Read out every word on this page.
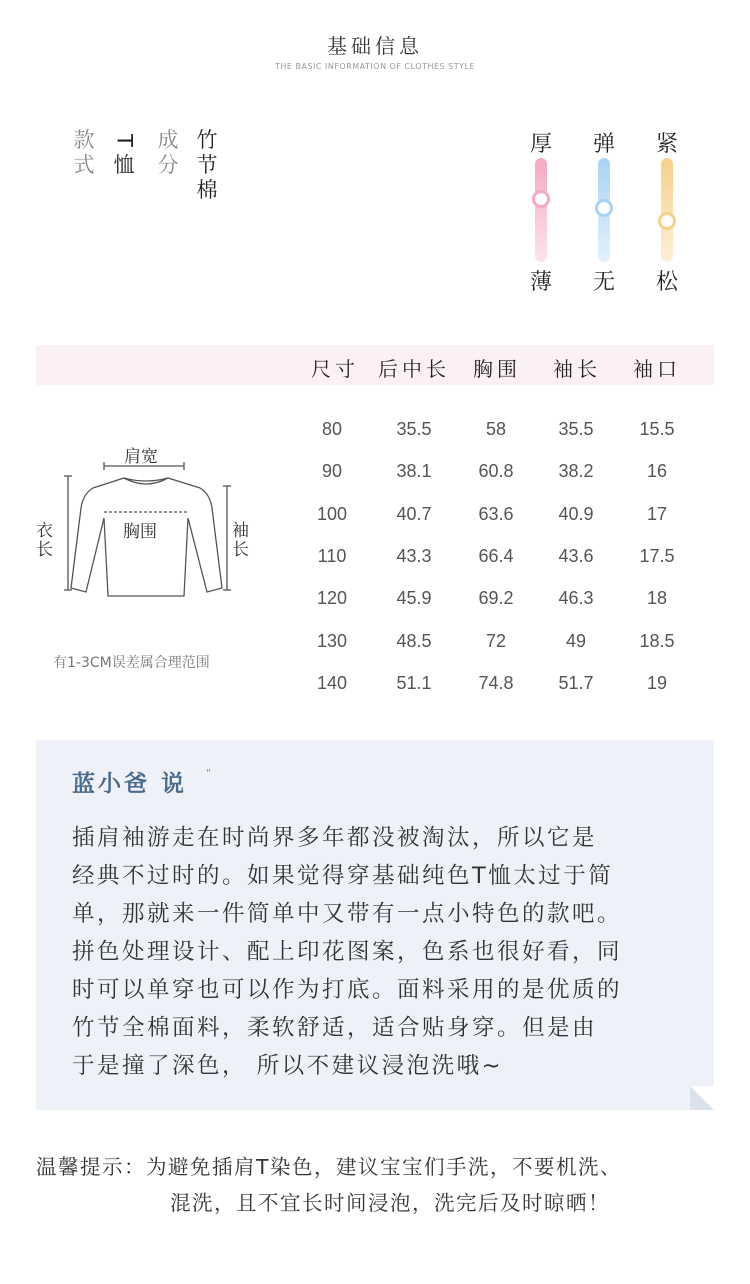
基础信息
THE BASIC INFORMATION OF CLOTHES STYLE
款
式
T
恤
成
分
竹
节
棉
厚
薄
弹
无
紧
松
尺寸 后中长 胸围 袖长 袖口
80	35.5	58	35.5	15.5
90	38.1	60.8	38.2	16
100	40.7	63.6	40.9	17
110	43.3	66.4	43.6	17.5
120	45.9	69.2	46.3	18
130	48.5	72	49	18.5
140	51.1	74.8	51.7	19
肩宽
胸围
衣
长
袖
长
有1-3CM误差属合理范围
蓝小爸 说 "
插肩袖游走在时尚界多年都没被淘汰，所以它是
经典不过时的。如果觉得穿基础纯色T恤太过于简
单，那就来一件简单中又带有一点小特色的款吧。
拼色处理设计、配上印花图案，色系也很好看，同
时可以单穿也可以作为打底。面料采用的是优质的
竹节全棉面料，柔软舒适，适合贴身穿。但是由
于是撞了深色， 所以不建议浸泡洗哦~
温馨提示：为避免插肩T染色，建议宝宝们手洗，不要机洗、
混洗，且不宜长时间浸泡，洗完后及时晾晒！
